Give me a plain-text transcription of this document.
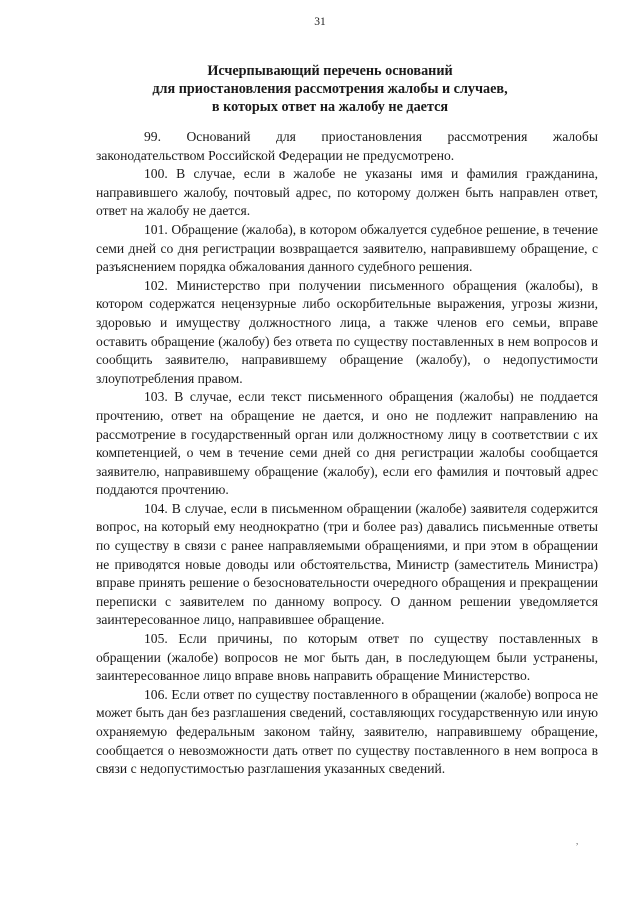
31
Исчерпывающий перечень оснований
для приостановления рассмотрения жалобы и случаев,
в которых ответ на жалобу не дается

99. Оснований для приостановления рассмотрения жалобы законодательством Российской Федерации не предусмотрено.

100. В случае, если в жалобе не указаны имя и фамилия гражданина, направившего жалобу, почтовый адрес, по которому должен быть направлен ответ, ответ на жалобу не дается.

101. Обращение (жалоба), в котором обжалуется судебное решение, в течение семи дней со дня регистрации возвращается заявителю, направившему обращение, с разъяснением порядка обжалования данного судебного решения.

102. Министерство при получении письменного обращения (жалобы), в котором содержатся нецензурные либо оскорбительные выражения, угрозы жизни, здоровью и имуществу должностного лица, а также членов его семьи, вправе оставить обращение (жалобу) без ответа по существу поставленных в нем вопросов и сообщить заявителю, направившему обращение (жалобу), о недопустимости злоупотребления правом.

103. В случае, если текст письменного обращения (жалобы) не поддается прочтению, ответ на обращение не дается, и оно не подлежит направлению на рассмотрение в государственный орган или должностному лицу в соответствии с их компетенцией, о чем в течение семи дней со дня регистрации жалобы сообщается заявителю, направившему обращение (жалобу), если его фамилия и почтовый адрес поддаются прочтению.

104. В случае, если в письменном обращении (жалобе) заявителя содержится вопрос, на который ему неоднократно (три и более раз) давались письменные ответы по существу в связи с ранее направляемыми обращениями, и при этом в обращении не приводятся новые доводы или обстоятельства, Министр (заместитель Министра) вправе принять решение о безосновательности очередного обращения и прекращении переписки с заявителем по данному вопросу. О данном решении уведомляется заинтересованное лицо, направившее обращение.

105. Если причины, по которым ответ по существу поставленных в обращении (жалобе) вопросов не мог быть дан, в последующем были устранены, заинтересованное лицо вправе вновь направить обращение Министерство.

106. Если ответ по существу поставленного в обращении (жалобе) вопроса не может быть дан без разглашения сведений, составляющих государственную или иную охраняемую федеральным законом тайну, заявителю, направившему обращение, сообщается о невозможности дать ответ по существу поставленного в нем вопроса в связи с недопустимостью разглашения указанных сведений.

,
